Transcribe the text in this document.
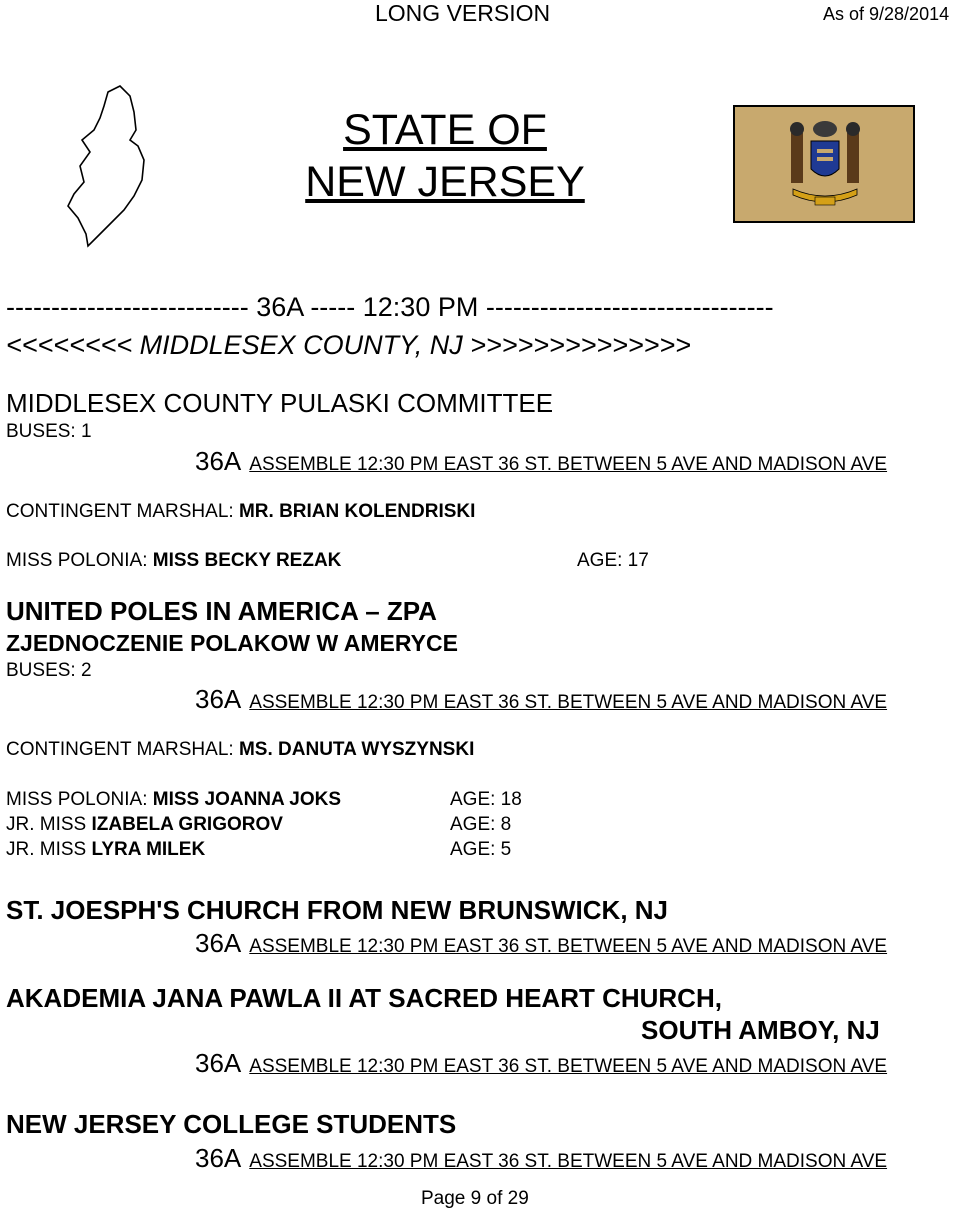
LONG VERSION	As of 9/28/2014
STATE OF
NEW JERSEY
--------------------------- 36A ----- 12:30 PM --------------------------------
<<<<<<<< MIDDLESEX COUNTY, NJ >>>>>>>>>>>>>>
MIDDLESEX COUNTY PULASKI COMMITTEE
BUSES: 1
36A ASSEMBLE 12:30 PM EAST 36 ST. BETWEEN 5 AVE AND MADISON AVE
CONTINGENT MARSHAL: MR. BRIAN KOLENDRISKI
MISS POLONIA: MISS BECKY REZAK	AGE: 17
UNITED POLES IN AMERICA – ZPA
ZJEDNOCZENIE POLAKOW W AMERYCE
BUSES: 2
36A ASSEMBLE 12:30 PM EAST 36 ST. BETWEEN 5 AVE AND MADISON AVE
CONTINGENT MARSHAL: MS. DANUTA WYSZYNSKI
MISS POLONIA: MISS JOANNA JOKS	AGE: 18
JR. MISS IZABELA GRIGOROV	AGE: 8
JR. MISS LYRA MILEK	AGE: 5
ST. JOESPH'S CHURCH FROM NEW BRUNSWICK, NJ
36A ASSEMBLE 12:30 PM EAST 36 ST. BETWEEN 5 AVE AND MADISON AVE
AKADEMIA JANA PAWLA II AT SACRED HEART CHURCH,
SOUTH AMBOY, NJ
36A ASSEMBLE 12:30 PM EAST 36 ST. BETWEEN 5 AVE AND MADISON AVE
NEW JERSEY COLLEGE STUDENTS
36A ASSEMBLE 12:30 PM EAST 36 ST. BETWEEN 5 AVE AND MADISON AVE
Page 9 of 29
